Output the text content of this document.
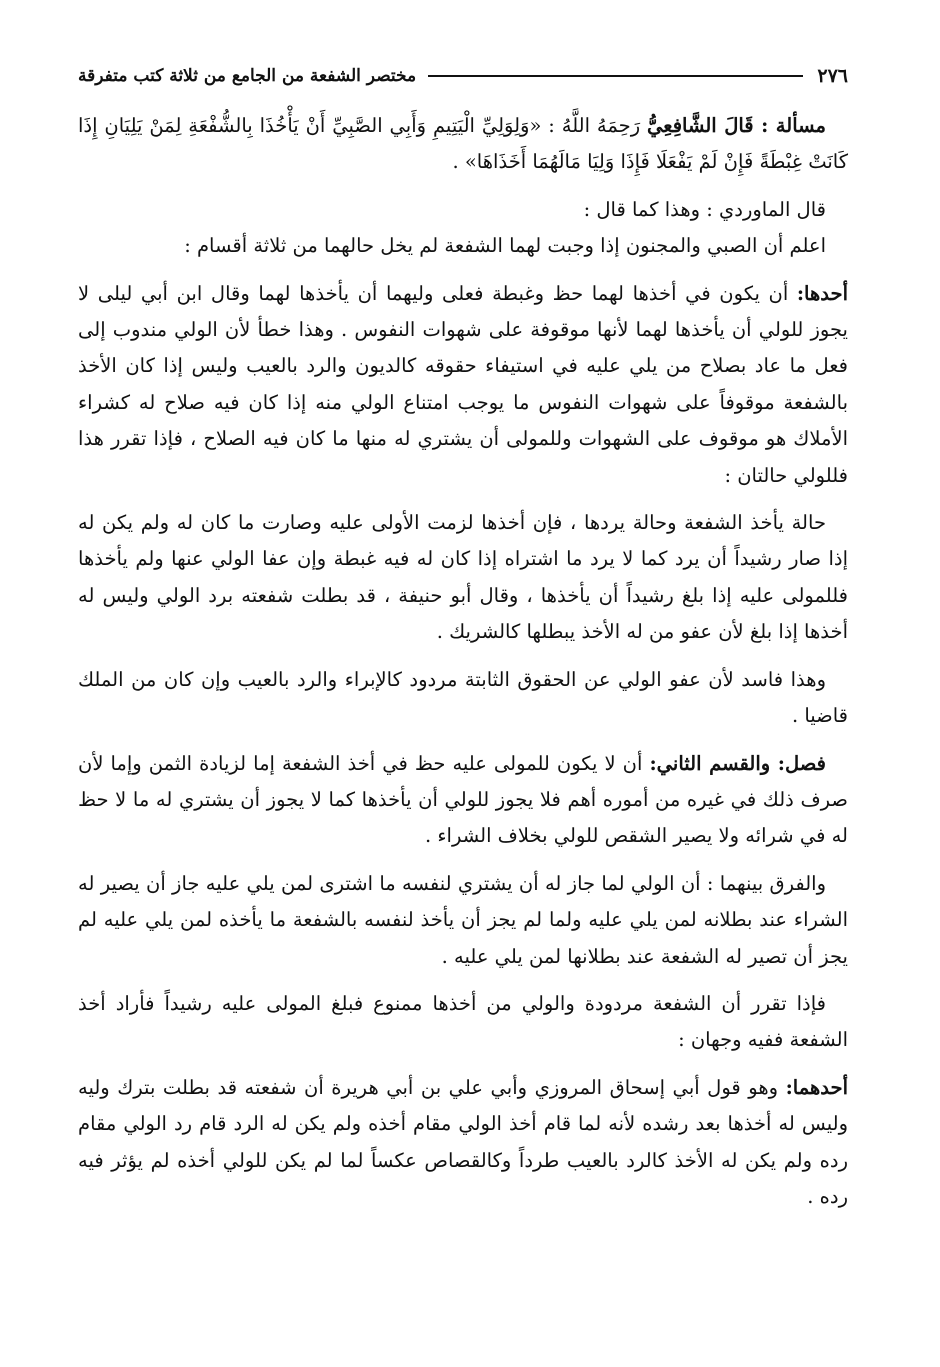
٢٧٦
مختصر الشفعة من الجامع من ثلاثة كتب متفرقة

مسألة : قَالَ الشَّافِعِيُّ رَحِمَهُ اللَّهُ : «وَلِوَلِيِّ الْيَتِيمِ وَأَبِي الصَّبِيِّ أَنْ يَأْخُذَا بِالشُّفْعَةِ لِمَنْ يَلِيَانِ إِذَا كَانَتْ غِبْطَةً فَإِنْ لَمْ يَفْعَلَا فَإِذَا وَلِيَا مَالَهُمَا أَخَذَاهَا» .

قال الماوردي : وهذا كما قال :

اعلم أن الصبي والمجنون إذا وجبت لهما الشفعة لم يخل حالهما من ثلاثة أقسام :

أحدها: أن يكون في أخذها لهما حظ وغبطة فعلى وليهما أن يأخذها لهما وقال ابن أبي ليلى لا يجوز للولي أن يأخذها لهما لأنها موقوفة على شهوات النفوس . وهذا خطأ لأن الولي مندوب إلى فعل ما عاد بصلاح من يلي عليه في استيفاء حقوقه كالديون والرد بالعيب وليس إذا كان الأخذ بالشفعة موقوفاً على شهوات النفوس ما يوجب امتناع الولي منه إذا كان فيه صلاح له كشراء الأملاك هو موقوف على الشهوات وللمولى أن يشتري له منها ما كان فيه الصلاح ، فإذا تقرر هذا فللولي حالتان :

حالة يأخذ الشفعة وحالة يردها ، فإن أخذها لزمت الأولى عليه وصارت ما كان له ولم يكن له إذا صار رشيداً أن يرد كما لا يرد ما اشتراه إذا كان له فيه غبطة وإن عفا الولي عنها ولم يأخذها فللمولى عليه إذا بلغ رشيداً أن يأخذها ، وقال أبو حنيفة ، قد بطلت شفعته برد الولي وليس له أخذها إذا بلغ لأن عفو من له الأخذ يبطلها كالشريك .

وهذا فاسد لأن عفو الولي عن الحقوق الثابتة مردود كالإبراء والرد بالعيب وإن كان من الملك قاضيا .

فصل: والقسم الثاني: أن لا يكون للمولى عليه حظ في أخذ الشفعة إما لزيادة الثمن وإما لأن صرف ذلك في غيره من أموره أهم فلا يجوز للولي أن يأخذها كما لا يجوز أن يشتري له ما لا حظ له في شرائه ولا يصير الشقص للولي بخلاف الشراء .

والفرق بينهما : أن الولي لما جاز له أن يشتري لنفسه ما اشترى لمن يلي عليه جاز أن يصير له الشراء عند بطلانه لمن يلي عليه ولما لم يجز أن يأخذ لنفسه بالشفعة ما يأخذه لمن يلي عليه لم يجز أن تصير له الشفعة عند بطلانها لمن يلي عليه .

فإذا تقرر أن الشفعة مردودة والولي من أخذها ممنوع فبلغ المولى عليه رشيداً فأراد أخذ الشفعة ففيه وجهان :

أحدهما: وهو قول أبي إسحاق المروزي وأبي علي بن أبي هريرة أن شفعته قد بطلت بترك وليه وليس له أخذها بعد رشده لأنه لما قام أخذ الولي مقام أخذه ولم يكن له الرد قام رد الولي مقام رده ولم يكن له الأخذ كالرد بالعيب طرداً وكالقصاص عكساً لما لم يكن للولي أخذه لم يؤثر فيه رده .
